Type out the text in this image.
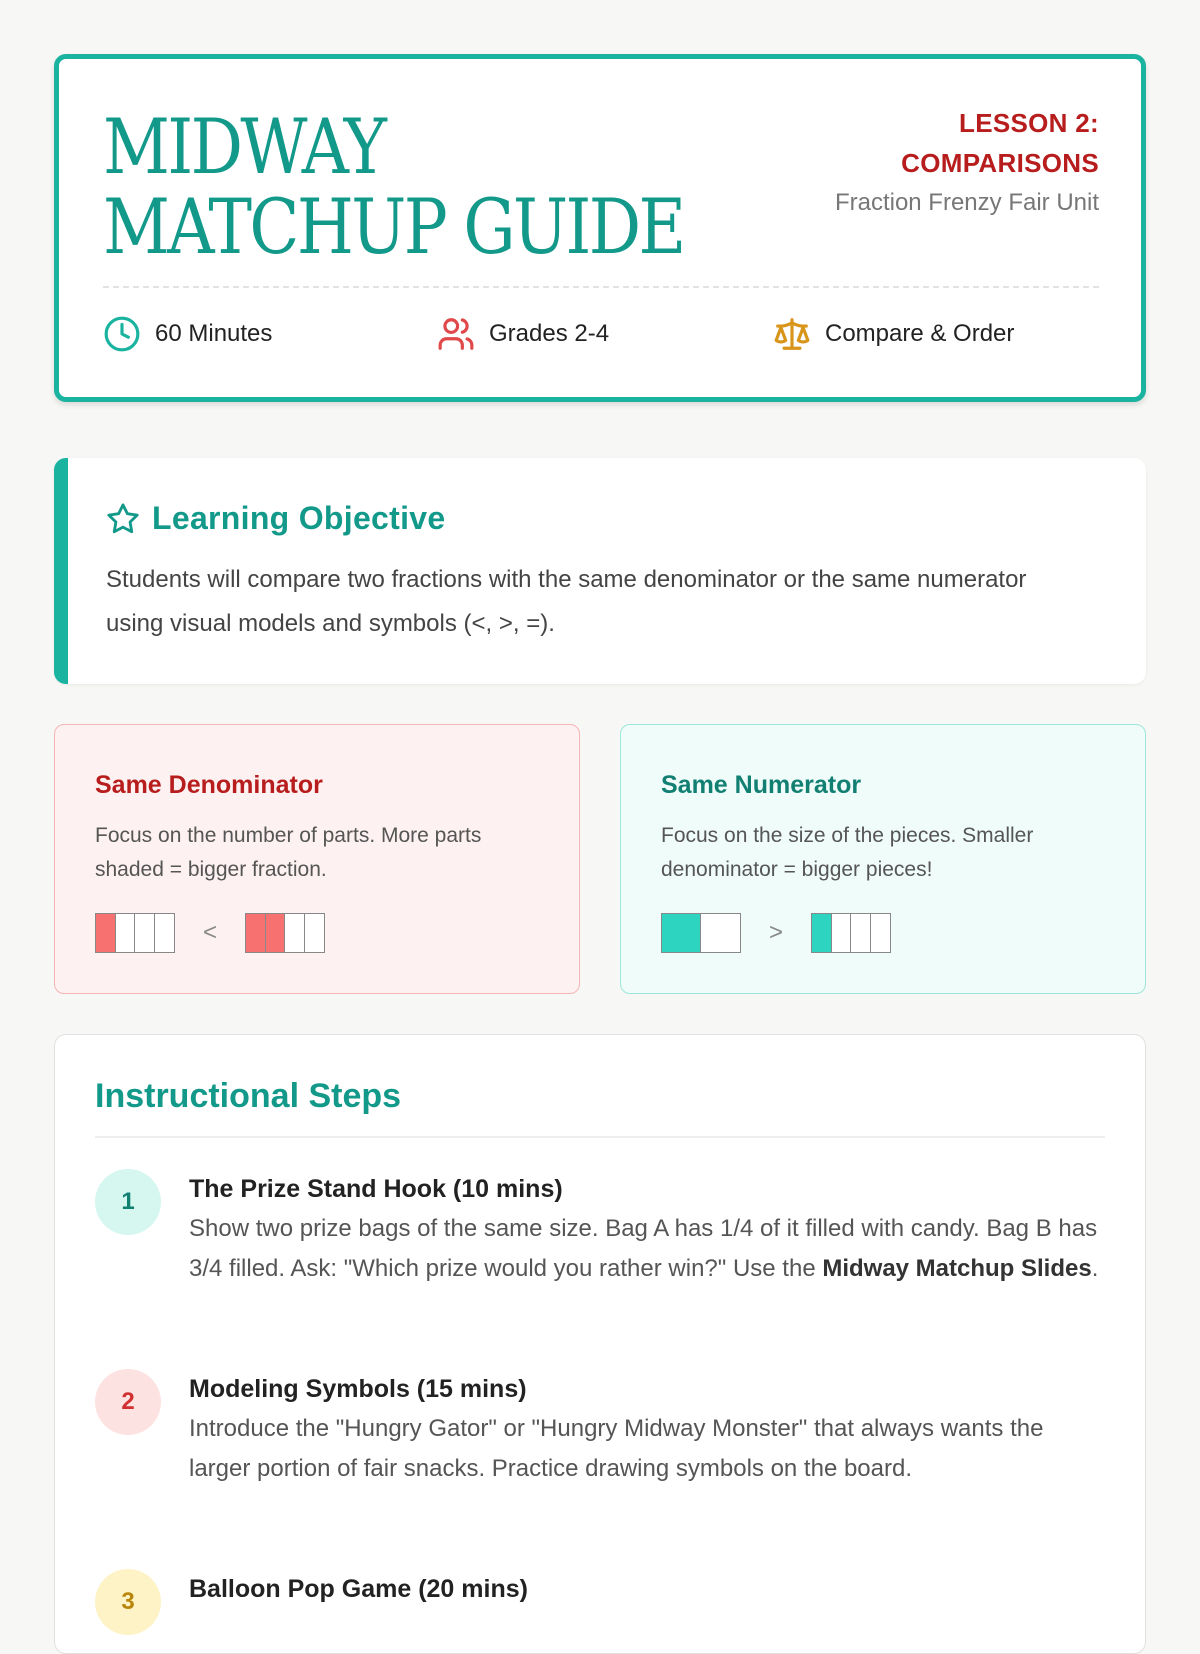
MIDWAY MATCHUP GUIDE
LESSON 2: COMPARISONS
Fraction Frenzy Fair Unit
60 Minutes	Grades 2-4	Compare & Order
Learning Objective

Students will compare two fractions with the same denominator or the same numerator using visual models and symbols (<, >, =).

Same Denominator
Focus on the number of parts. More parts shaded = bigger fraction.
<
Same Numerator
Focus on the size of the pieces. Smaller denominator = bigger pieces!
>
Instructional Steps
1	The Prize Stand Hook (10 mins)
Show two prize bags of the same size. Bag A has 1/4 of it filled with candy. Bag B has 3/4 filled. Ask: "Which prize would you rather win?" Use the Midway Matchup Slides.
2	Modeling Symbols (15 mins)
Introduce the "Hungry Gator" or "Hungry Midway Monster" that always wants the larger portion of fair snacks. Practice drawing symbols on the board.
3	Balloon Pop Game (20 mins)
